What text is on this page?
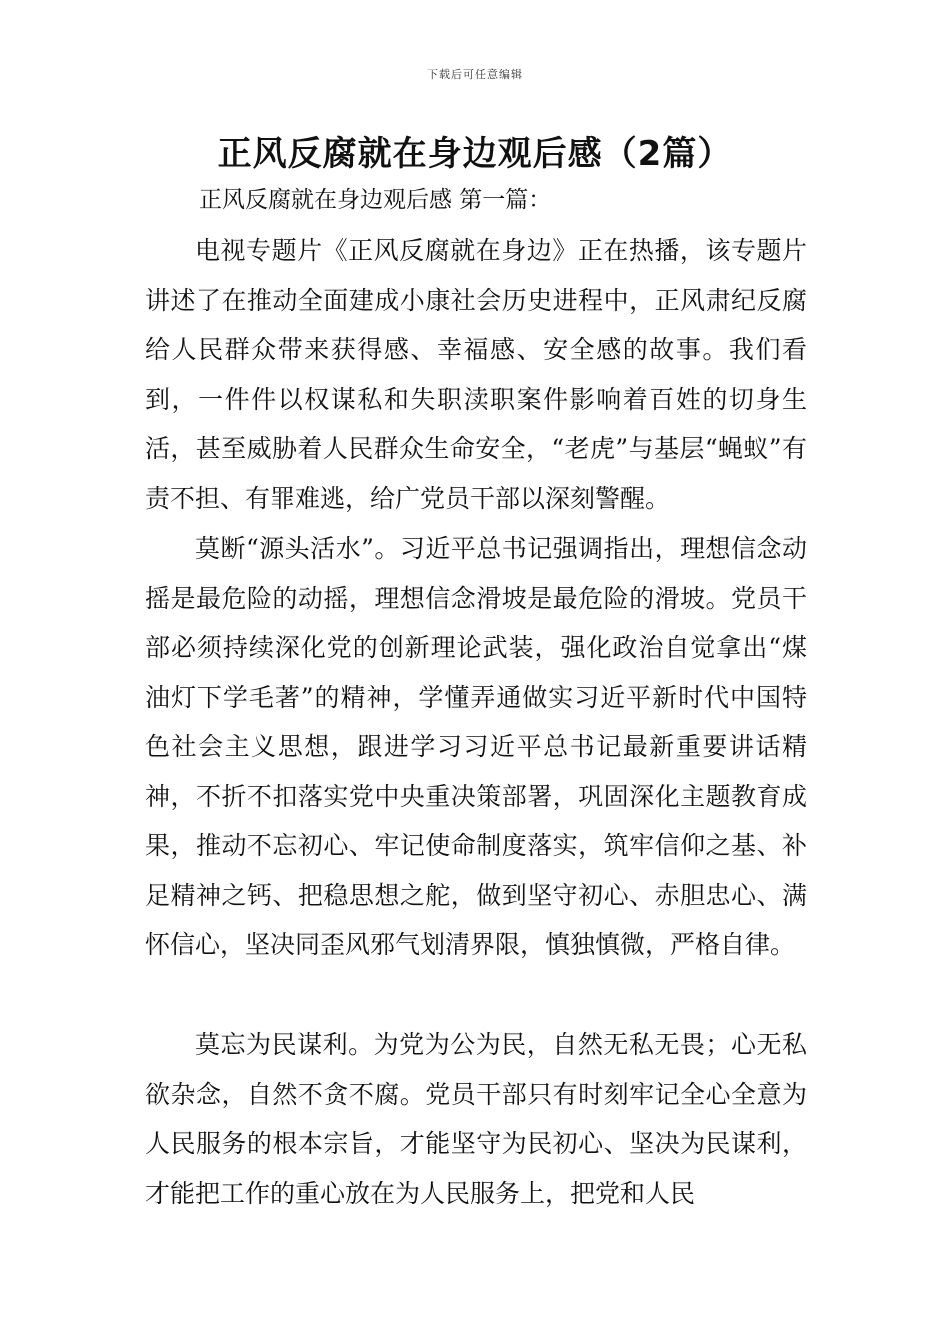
下载后可任意编辑
正风反腐就在身边观后感（2篇）
正风反腐就在身边观后感 第一篇：

电视专题片《正风反腐就在身边》正在热播，该专题片讲述了在推动全面建成小康社会历史进程中，正风肃纪反腐给人民群众带来获得感、幸福感、安全感的故事。我们看到，一件件以权谋私和失职渎职案件影响着百姓的切身生活，甚至威胁着人民群众生命安全，“老虎”与基层“蝇蚁”有责不担、有罪难逃，给广党员干部以深刻警醒。

莫断“源头活水”。习近平总书记强调指出，理想信念动摇是最危险的动摇，理想信念滑坡是最危险的滑坡。党员干部必须持续深化党的创新理论武装，强化政治自觉拿出“煤油灯下学毛著”的精神，学懂弄通做实习近平新时代中国特色社会主义思想，跟进学习习近平总书记最新重要讲话精神，不折不扣落实党中央重决策部署，巩固深化主题教育成果，推动不忘初心、牢记使命制度落实，筑牢信仰之基、补足精神之钙、把稳思想之舵，做到坚守初心、赤胆忠心、满怀信心，坚决同歪风邪气划清界限，慎独慎微，严格自律。

莫忘为民谋利。为党为公为民，自然无私无畏；心无私欲杂念，自然不贪不腐。党员干部只有时刻牢记全心全意为人民服务的根本宗旨，才能坚守为民初心、坚决为民谋利，才能把工作的重心放在为人民服务上，把党和人民
